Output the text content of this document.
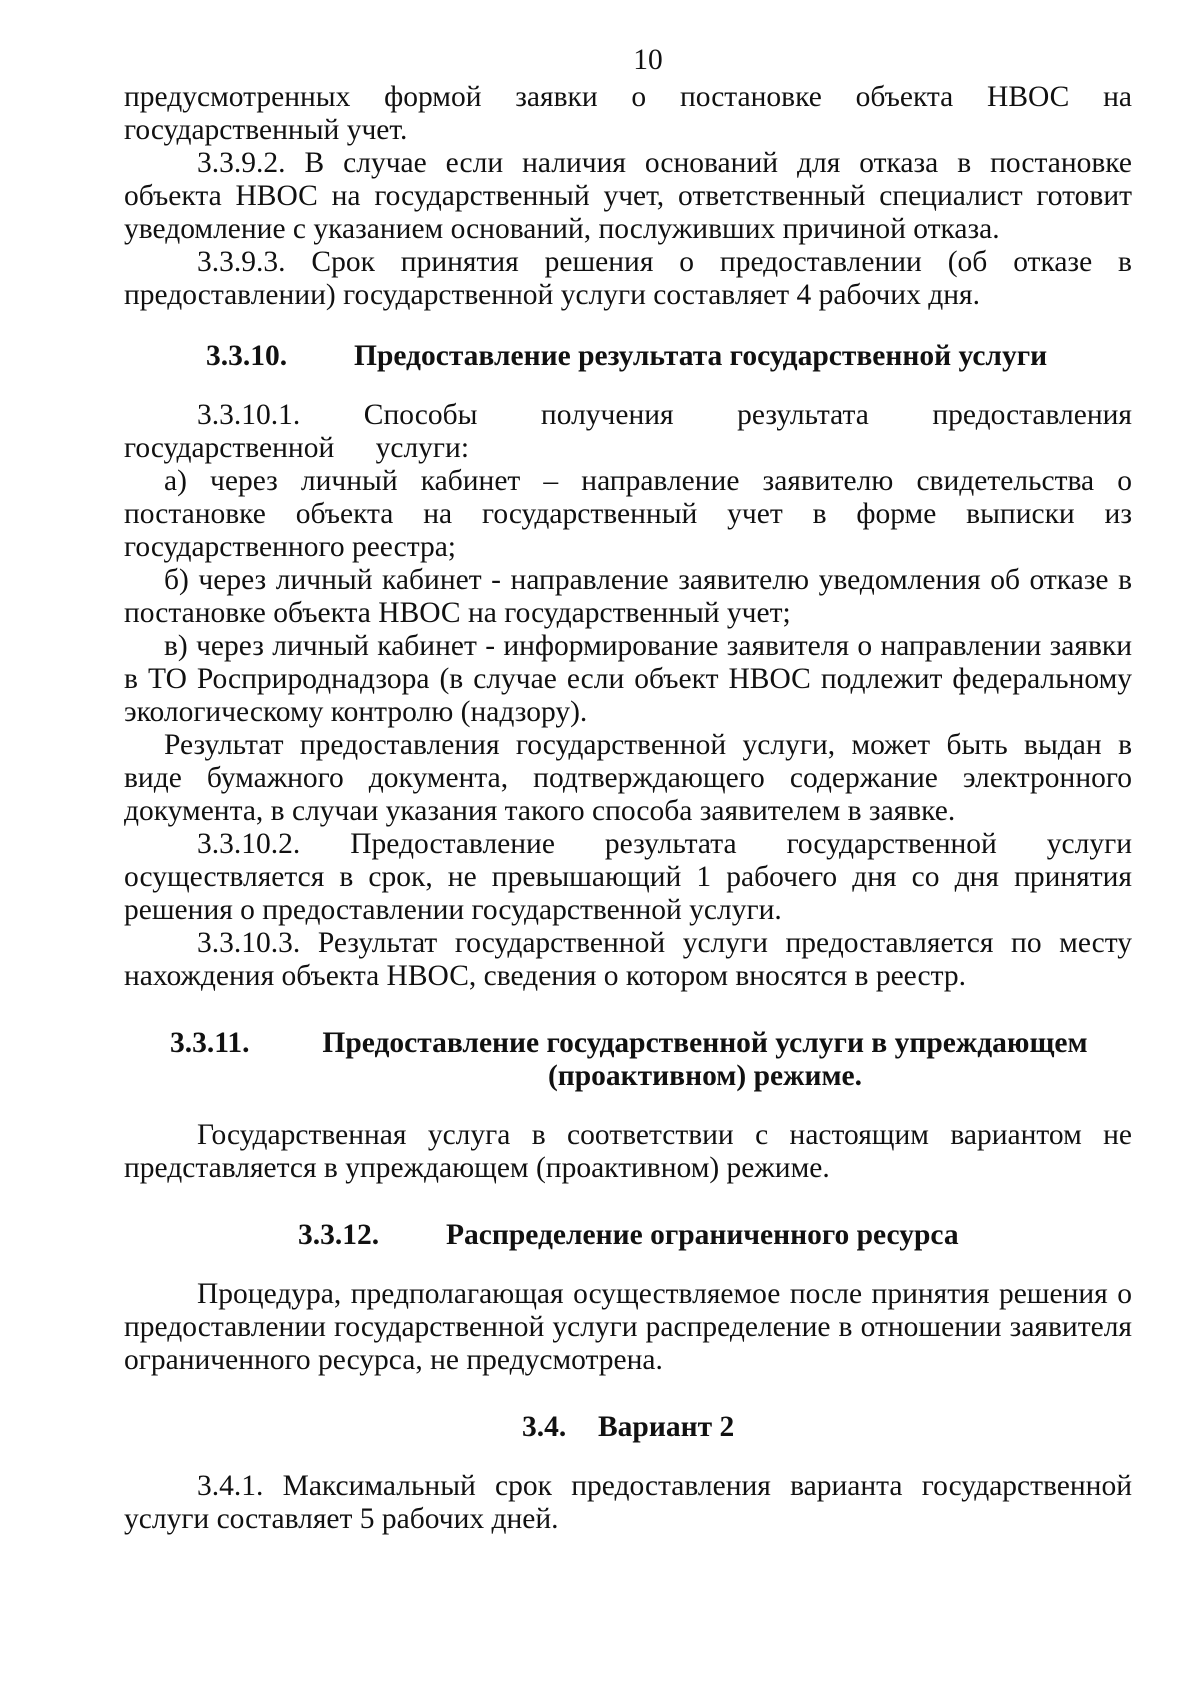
10

предусмотренных формой заявки о постановке объекта НВОС на государственный учет.

3.3.9.2. В случае если наличия оснований для отказа в постановке объекта НВОС на государственный учет, ответственный специалист готовит уведомление с указанием оснований, послуживших причиной отказа.

3.3.9.3. Срок принятия решения о предоставлении (об отказе в предоставлении) государственной услуги составляет 4 рабочих дня.

3.3.10.	Предоставление результата государственной услуги

3.3.10.1. Способы получения результата предоставления государственной услуги:

а) через личный кабинет – направление заявителю свидетельства о постановке объекта на государственный учет в форме выписки из государственного реестра;

б) через личный кабинет - направление заявителю уведомления об отказе в постановке объекта НВОС на государственный учет;

в) через личный кабинет - информирование заявителя о направлении заявки в ТО Росприроднадзора (в случае если объект НВОС подлежит федеральному экологическому контролю (надзору).

Результат предоставления государственной услуги, может быть выдан в виде бумажного документа, подтверждающего содержание электронного документа, в случаи указания такого способа заявителем в заявке.

3.3.10.2. Предоставление результата государственной услуги осуществляется в срок, не превышающий 1 рабочего дня со дня принятия решения о предоставлении государственной услуги.

3.3.10.3. Результат государственной услуги предоставляется по месту нахождения объекта НВОС, сведения о котором вносятся в реестр.

3.3.11.	Предоставление государственной услуги в упреждающем
(проактивном) режиме.

Государственная услуга в соответствии с настоящим вариантом не представляется в упреждающем (проактивном) режиме.

3.3.12.	Распределение ограниченного ресурса

Процедура, предполагающая осуществляемое после принятия решения о предоставлении государственной услуги распределение в отношении заявителя ограниченного ресурса, не предусмотрена.

3.4.	Вариант 2

3.4.1. Максимальный срок предоставления варианта государственной услуги составляет 5 рабочих дней.
